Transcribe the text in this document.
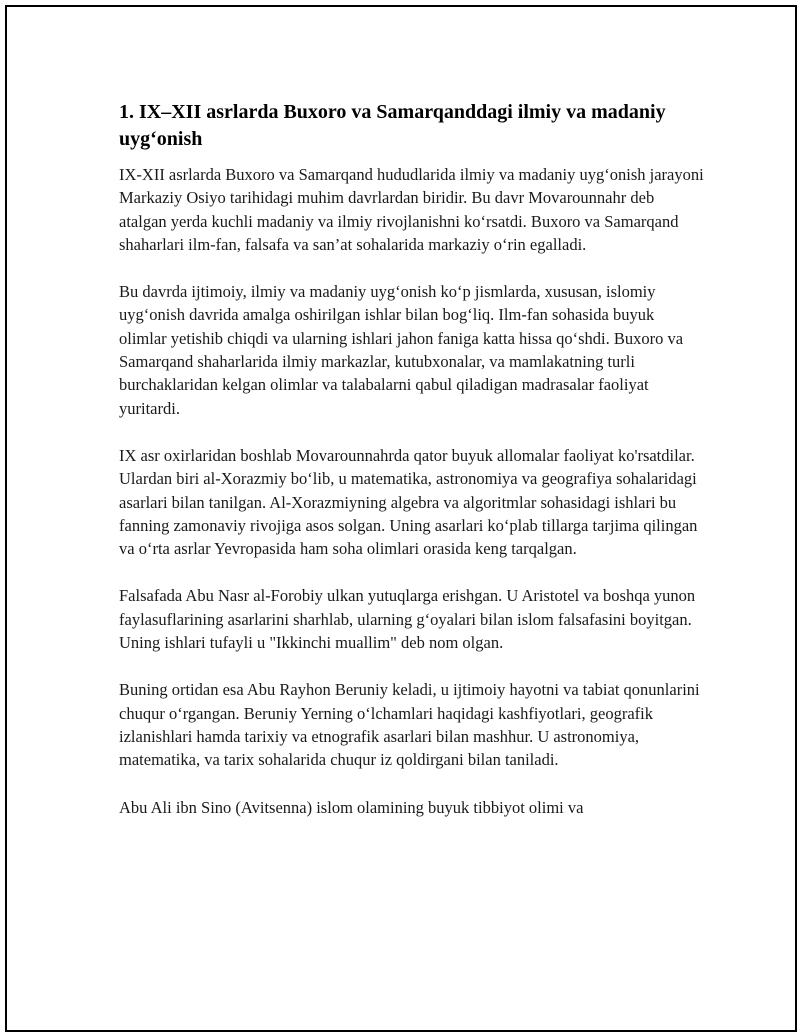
1. IX–XII asrlarda Buxoro va Samarqanddagi ilmiy va madaniy uyg‘onish

IX-XII asrlarda Buxoro va Samarqand hududlarida ilmiy va madaniy uyg‘onish jarayoni Markaziy Osiyo tarihidagi muhim davrlardan biridir. Bu davr Movarounnahr deb atalgan yerda kuchli madaniy va ilmiy rivojlanishni ko‘rsatdi. Buxoro va Samarqand shaharlari ilm-fan, falsafa va san’at sohalarida markaziy o‘rin egalladi.

Bu davrda ijtimoiy, ilmiy va madaniy uyg‘onish ko‘p jismlarda, xususan, islomiy uyg‘onish davrida amalga oshirilgan ishlar bilan bog‘liq. Ilm-fan sohasida buyuk olimlar yetishib chiqdi va ularning ishlari jahon faniga katta hissa qo‘shdi. Buxoro va Samarqand shaharlarida ilmiy markazlar, kutubxonalar, va mamlakatning turli burchaklaridan kelgan olimlar va talabalarni qabul qiladigan madrasalar faoliyat yuritardi.

IX asr oxirlaridan boshlab Movarounnahrda qator buyuk allomalar faoliyat ko'rsatdilar. Ulardan biri al-Xorazmiy bo‘lib, u matematika, astronomiya va geografiya sohalaridagi asarlari bilan tanilgan. Al-Xorazmiyning algebra va algoritmlar sohasidagi ishlari bu fanning zamonaviy rivojiga asos solgan. Uning asarlari ko‘plab tillarga tarjima qilingan va o‘rta asrlar Yevropasida ham soha olimlari orasida keng tarqalgan.

Falsafada Abu Nasr al-Forobiy ulkan yutuqlarga erishgan. U Aristotel va boshqa yunon faylasuflarining asarlarini sharhlab, ularning g‘oyalari bilan islom falsafasini boyitgan. Uning ishlari tufayli u "Ikkinchi muallim" deb nom olgan.

Buning ortidan esa Abu Rayhon Beruniy keladi, u ijtimoiy hayotni va tabiat qonunlarini chuqur o‘rgangan. Beruniy Yerning o‘lchamlari haqidagi kashfiyotlari, geografik izlanishlari hamda tarixiy va etnografik asarlari bilan mashhur. U astronomiya, matematika, va tarix sohalarida chuqur iz qoldirgani bilan taniladi.

Abu Ali ibn Sino (Avitsenna) islom olamining buyuk tibbiyot olimi va
